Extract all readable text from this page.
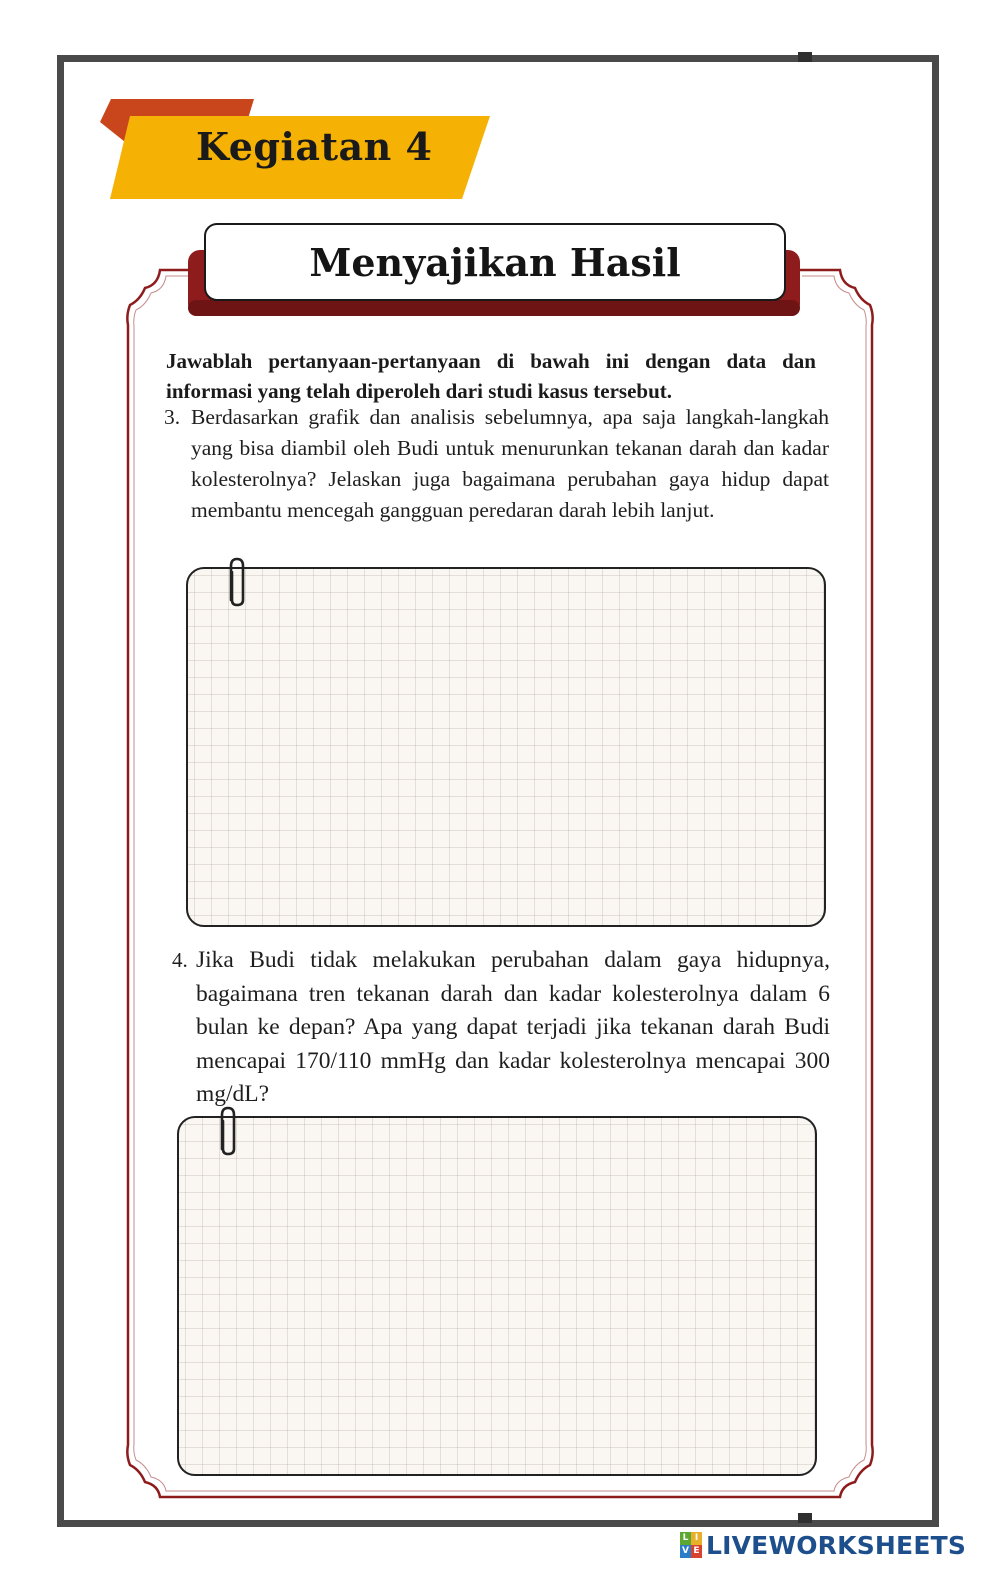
Kegiatan 4
Menyajikan Hasil
Jawablah pertanyaan-pertanyaan di bawah ini dengan data dan informasi yang telah diperoleh dari studi kasus tersebut.
3. Berdasarkan grafik dan analisis sebelumnya, apa saja langkah-langkah yang bisa diambil oleh Budi untuk menurunkan tekanan darah dan kadar kolesterolnya? Jelaskan juga bagaimana perubahan gaya hidup dapat membantu mencegah gangguan peredaran darah lebih lanjut.
4. Jika Budi tidak melakukan perubahan dalam gaya hidupnya, bagaimana tren tekanan darah dan kadar kolesterolnya dalam 6 bulan ke depan? Apa yang dapat terjadi jika tekanan darah Budi mencapai 170/110 mmHg dan kadar kolesterolnya mencapai 300 mg/dL?
L I
V E LIVEWORKSHEETS
